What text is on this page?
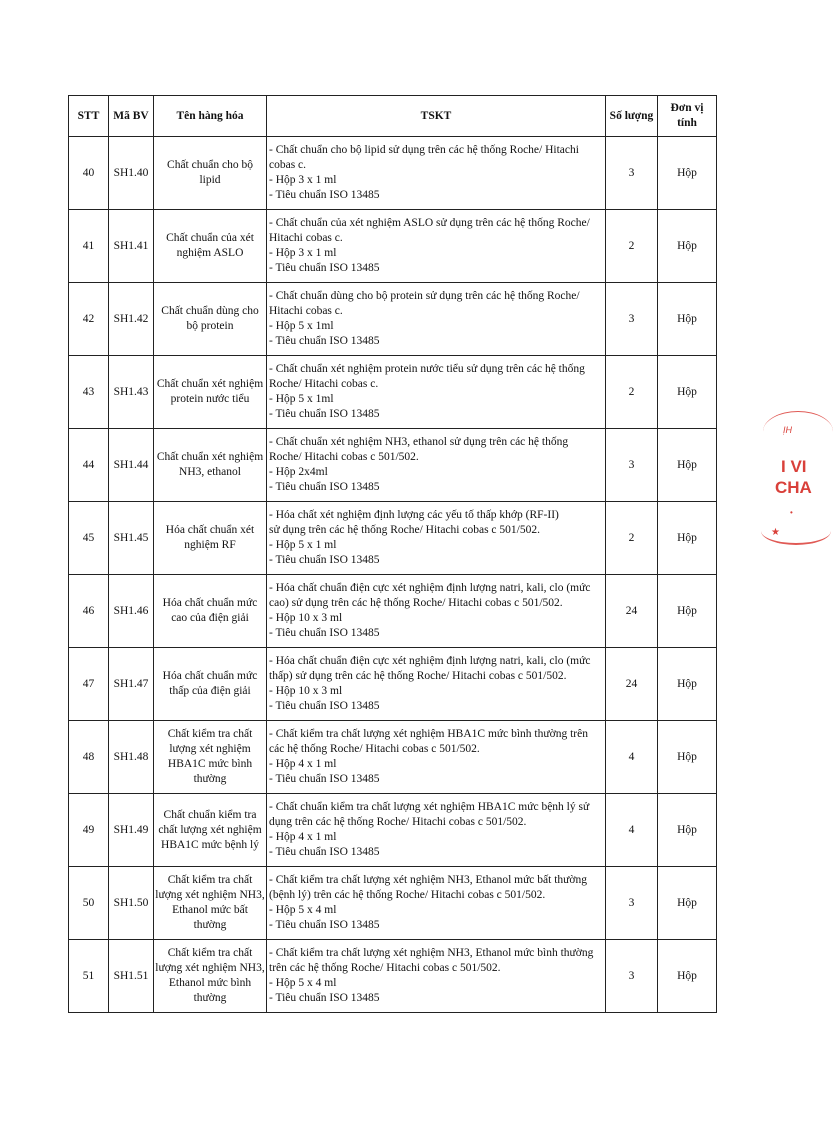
STT	Mã BV	Tên hàng hóa	TSKT	Số lượng	Đơn vị
tính

40	SH1.40	Chất chuẩn cho bộ
lipid	- Chất chuẩn cho bộ lipid sử dụng trên các hệ thống Roche/ Hitachi
cobas c.
- Hộp 3 x 1 ml
- Tiêu chuẩn ISO 13485	3	Hộp
41	SH1.41	Chất chuẩn của xét
nghiệm ASLO	- Chất chuẩn của xét nghiệm ASLO sử dụng trên các hệ thống Roche/
Hitachi cobas c.
- Hộp 3 x 1 ml
- Tiêu chuẩn ISO 13485	2	Hộp
42	SH1.42	Chất chuẩn dùng cho
bộ protein	- Chất chuẩn dùng cho bộ protein sử dụng trên các hệ thống Roche/
Hitachi cobas c.
- Hộp 5 x 1ml
- Tiêu chuẩn ISO 13485	3	Hộp
43	SH1.43	Chất chuẩn xét nghiệm
protein nước tiểu	- Chất chuẩn xét nghiệm protein nước tiểu sử dụng trên các hệ thống
Roche/ Hitachi cobas c.
- Hộp 5 x 1ml
- Tiêu chuẩn ISO 13485	2	Hộp
44	SH1.44	Chất chuẩn xét nghiệm
NH3, ethanol	- Chất chuẩn xét nghiệm NH3, ethanol sử dụng trên các hệ thống
Roche/ Hitachi cobas c 501/502.
- Hộp 2x4ml
- Tiêu chuẩn ISO 13485	3	Hộp
45	SH1.45	Hóa chất chuẩn xét
nghiệm RF	- Hóa chất xét nghiệm định lượng các yếu tố thấp khớp (RF-II)
sử dụng trên các hệ thống Roche/ Hitachi cobas c 501/502.
- Hộp 5 x 1 ml
- Tiêu chuẩn ISO 13485	2	Hộp
46	SH1.46	Hóa chất chuẩn mức
cao của điện giải	- Hóa chất chuẩn điện cực xét nghiệm định lượng natri, kali, clo (mức
cao) sử dụng trên các hệ thống Roche/ Hitachi cobas c 501/502.
- Hộp 10 x 3 ml
- Tiêu chuẩn ISO 13485	24	Hộp
47	SH1.47	Hóa chất chuẩn mức
thấp của điện giải	- Hóa chất chuẩn điện cực xét nghiệm định lượng natri, kali, clo (mức
thấp) sử dụng trên các hệ thống Roche/ Hitachi cobas c 501/502.
- Hộp 10 x 3 ml
- Tiêu chuẩn ISO 13485	24	Hộp
48	SH1.48	Chất kiểm tra chất
lượng xét nghiệm
HBA1C mức bình
thường	- Chất kiểm tra chất lượng xét nghiệm HBA1C mức bình thường trên
các hệ thống Roche/ Hitachi cobas c 501/502.
- Hộp 4 x 1 ml
- Tiêu chuẩn ISO 13485	4	Hộp
49	SH1.49	Chất chuẩn kiểm tra
chất lượng xét nghiệm
HBA1C mức bệnh lý	- Chất chuẩn kiểm tra chất lượng xét nghiệm HBA1C mức bệnh lý sử
dụng trên các hệ thống Roche/ Hitachi cobas c 501/502.
- Hộp 4 x 1 ml
- Tiêu chuẩn ISO 13485	4	Hộp
50	SH1.50	Chất kiểm tra chất
lượng xét nghiệm NH3,
Ethanol mức bất
thường	- Chất kiểm tra chất lượng xét nghiệm NH3, Ethanol mức bất thường
(bệnh lý) trên các hệ thống Roche/ Hitachi cobas c 501/502.
- Hộp 5 x 4 ml
- Tiêu chuẩn ISO 13485	3	Hộp
51	SH1.51	Chất kiểm tra chất
lượng xét nghiệm NH3,
Ethanol mức bình
thường	- Chất kiểm tra chất lượng xét nghiệm NH3, Ethanol mức bình thường
trên các hệ thống Roche/ Hitachi cobas c 501/502.
- Hộp 5 x 4 ml
- Tiêu chuẩn ISO 13485	3	Hộp
ỊH
I VI
CHA
•
★
